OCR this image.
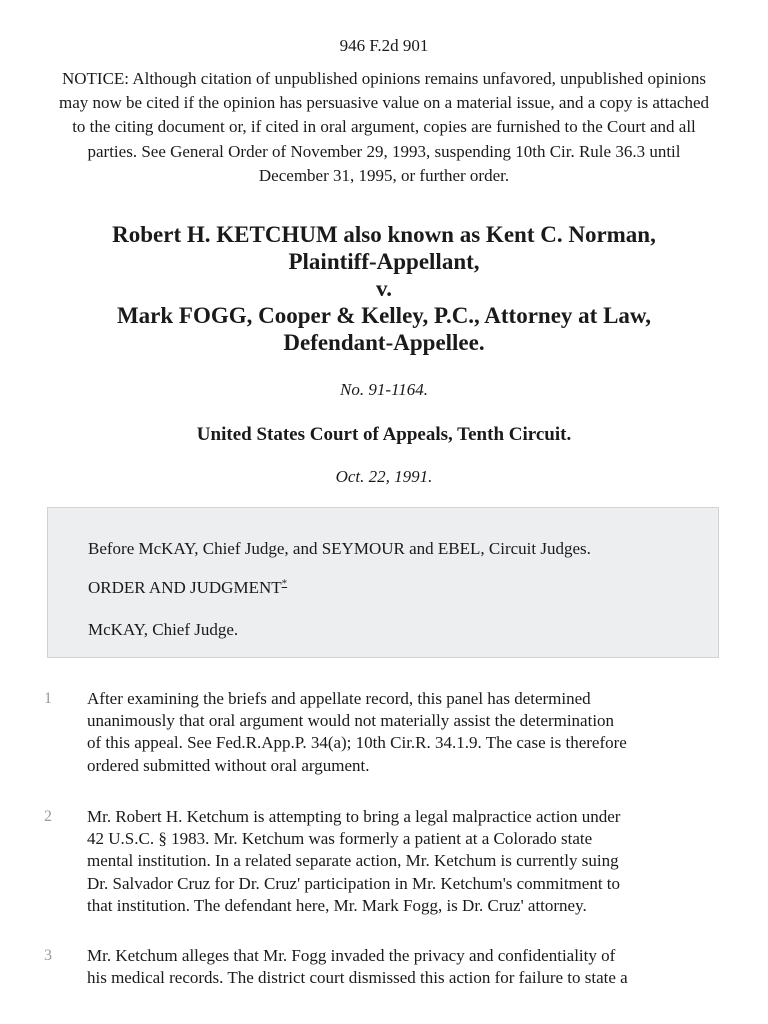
946 F.2d 901
NOTICE: Although citation of unpublished opinions remains unfavored, unpublished opinions may now be cited if the opinion has persuasive value on a material issue, and a copy is attached to the citing document or, if cited in oral argument, copies are furnished to the Court and all parties. See General Order of November 29, 1993, suspending 10th Cir. Rule 36.3 until December 31, 1995, or further order.
Robert H. KETCHUM also known as Kent C. Norman,
Plaintiff-Appellant,
v.
Mark FOGG, Cooper & Kelley, P.C., Attorney at Law,
Defendant-Appellee.
No. 91-1164.
United States Court of Appeals, Tenth Circuit.
Oct. 22, 1991.
Before McKAY, Chief Judge, and SEYMOUR and EBEL, Circuit Judges.
ORDER AND JUDGMENT*
McKAY, Chief Judge.
1 After examining the briefs and appellate record, this panel has determined
unanimously that oral argument would not materially assist the determination
of this appeal. See Fed.R.App.P. 34(a); 10th Cir.R. 34.1.9. The case is therefore
ordered submitted without oral argument.
2 Mr. Robert H. Ketchum is attempting to bring a legal malpractice action under
42 U.S.C. § 1983. Mr. Ketchum was formerly a patient at a Colorado state
mental institution. In a related separate action, Mr. Ketchum is currently suing
Dr. Salvador Cruz for Dr. Cruz' participation in Mr. Ketchum's commitment to
that institution. The defendant here, Mr. Mark Fogg, is Dr. Cruz' attorney.
3 Mr. Ketchum alleges that Mr. Fogg invaded the privacy and confidentiality of
his medical records. The district court dismissed this action for failure to state a
